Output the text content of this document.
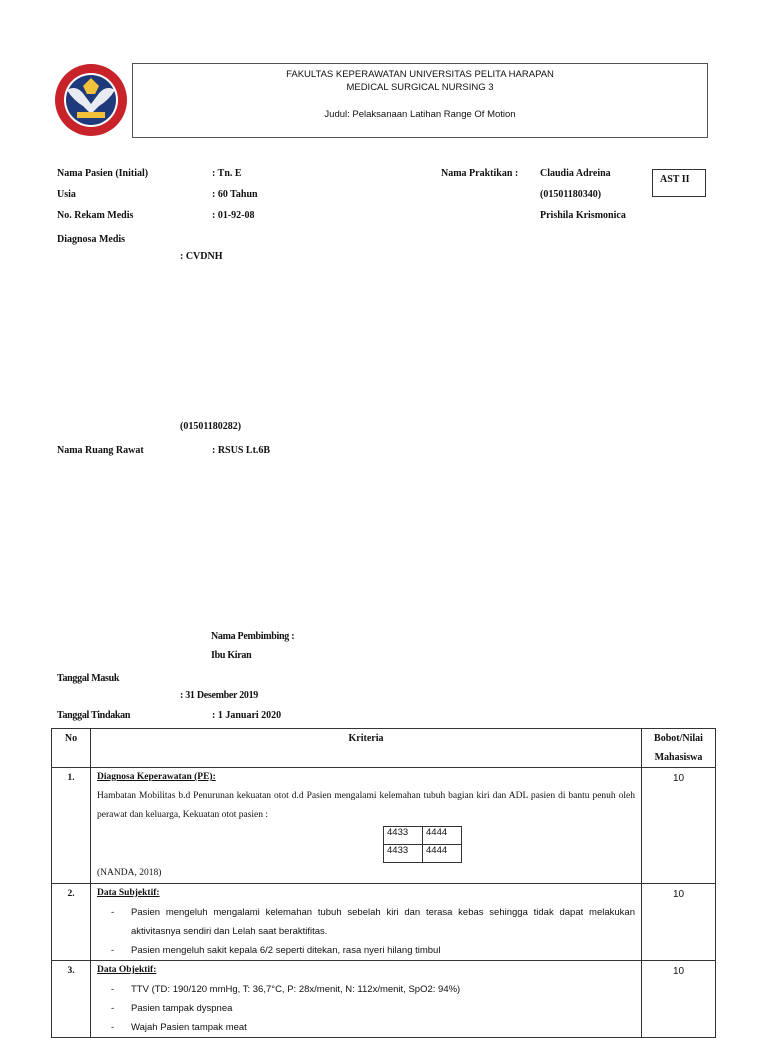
FAKULTAS KEPERAWATAN UNIVERSITAS PELITA HARAPAN
MEDICAL SURGICAL NURSING 3
Judul: Pelaksanaan Latihan Range Of Motion
Nama Pasien (Initial)	: Tn. E	Nama Praktikan : Claudia Adreina
AST II
Usia	: 60 Tahun	(01501180340)
No. Rekam Medis	: 01-92-08	Prishila Krismonica
Diagnosa Medis
: CVDNH
(01501180282)
Nama Ruang Rawat	: RSUS Lt.6B
Nama Pembimbing :
Ibu Kiran
Tanggal Masuk
: 31 Desember 2019
Tanggal Tindakan	: 1 Januari 2020
No	Kriteria	Bobot/Nilai
Mahasiswa

1.	Diagnosa Keperawatan (PE):
Hambatan Mobilitas b.d Penurunan kekuatan otot d.d Pasien mengalami kelemahan tubuh bagian kiri dan ADL pasien di bantu penuh oleh perawat dan keluarga, Kekuatan otot pasien :
4433	4444
4433	4444
(NANDA, 2018)
	10
2.	Data Subjektif:
- Pasien mengeluh mengalami kelemahan tubuh sebelah kiri dan terasa kebas sehingga tidak dapat melakukan aktivitasnya sendiri dan Lelah saat beraktifitas.
- Pasien mengeluh sakit kepala 6/2 seperti ditekan, rasa nyeri hilang timbul
	10
3.	Data Objektif:
- TTV (TD: 190/120 mmHg, T: 36,7°C, P: 28x/menit, N: 112x/menit, SpO2: 94%)
- Pasien tampak dyspnea
- Wajah Pasien tampak meat
	10
